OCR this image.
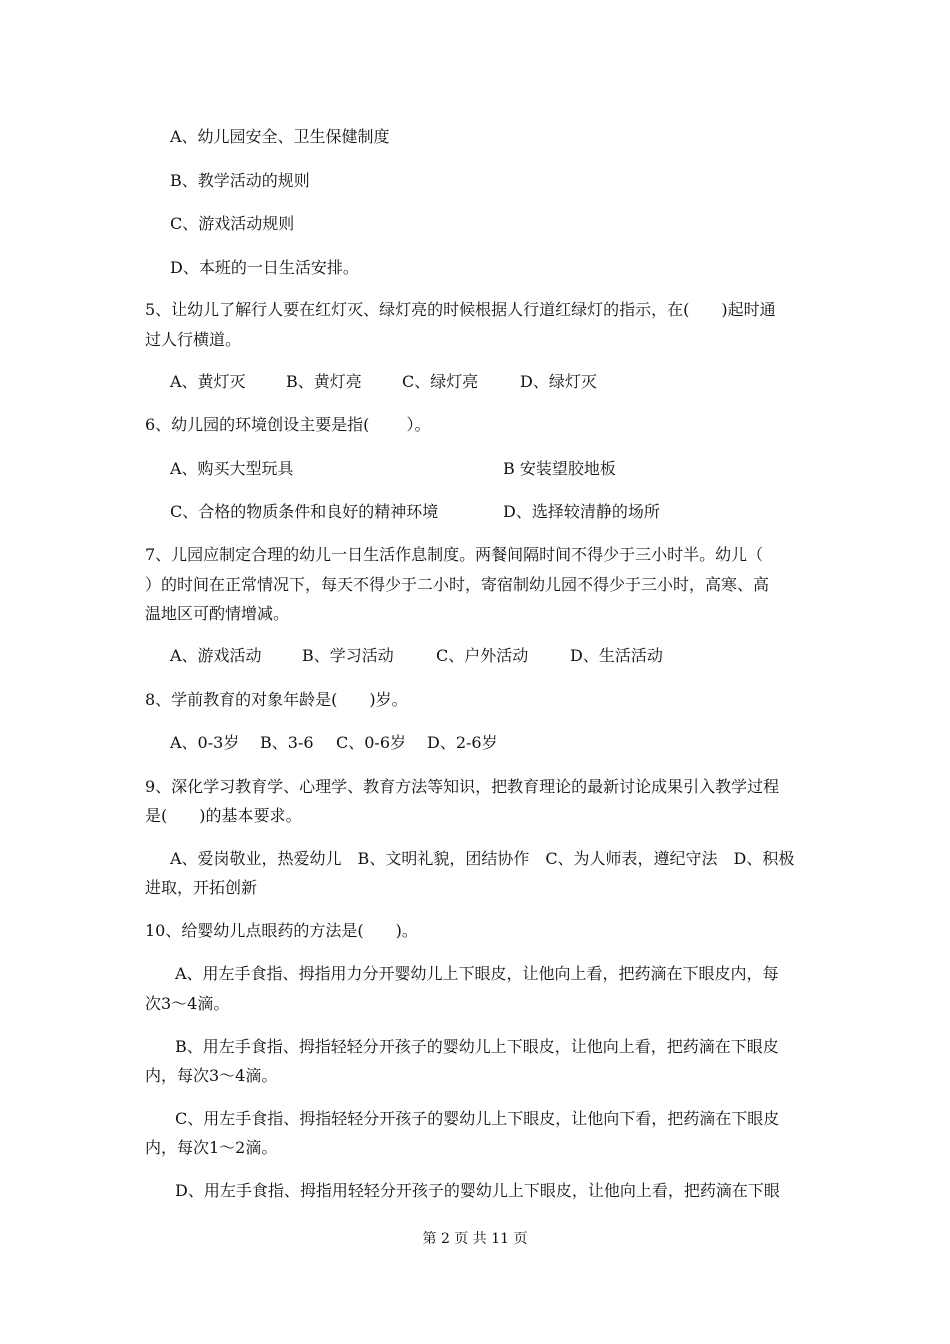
A、幼儿园安全、卫生保健制度
B、教学活动的规则
C、游戏活动规则
D、本班的一日生活安排。
5、让幼儿了解行人要在红灯灭、绿灯亮的时候根据人行道红绿灯的指示，在(　　)起时通
过人行横道。
A、黄灯灭	B、黄灯亮	C、绿灯亮	D、绿灯灭
6、幼儿园的环境创设主要是指(　　 ）。
A、购买大型玩具	B 安装望胶地板
C、合格的物质条件和良好的精神环境	D、选择较清静的场所
7、儿园应制定合理的幼儿一日生活作息制度。两餐间隔时间不得少于三小时半。幼儿（
）的时间在正常情况下，每天不得少于二小时，寄宿制幼儿园不得少于三小时，高寒、高
温地区可酌情增减。
A、游戏活动	B、学习活动	C、户外活动	D、生活活动
8、学前教育的对象年龄是(　　)岁。
A、0-3岁 B、3-6 C、0-6岁 D、2-6岁
9、深化学习教育学、心理学、教育方法等知识，把教育理论的最新讨论成果引入教学过程
是(　　)的基本要求。
A、爱岗敬业，热爱幼儿　B、文明礼貌，团结协作　C、为人师表，遵纪守法　D、积极
进取，开拓创新
10、给婴幼儿点眼药的方法是(　　)。
A、用左手食指、拇指用力分开婴幼儿上下眼皮，让他向上看，把药滴在下眼皮内，每
次3～4滴。
B、用左手食指、拇指轻轻分开孩子的婴幼儿上下眼皮，让他向上看，把药滴在下眼皮
内，每次3～4滴。
C、用左手食指、拇指轻轻分开孩子的婴幼儿上下眼皮，让他向下看，把药滴在下眼皮
内，每次1～2滴。
D、用左手食指、拇指用轻轻分开孩子的婴幼儿上下眼皮，让他向上看，把药滴在下眼
第 2 页 共 11 页
